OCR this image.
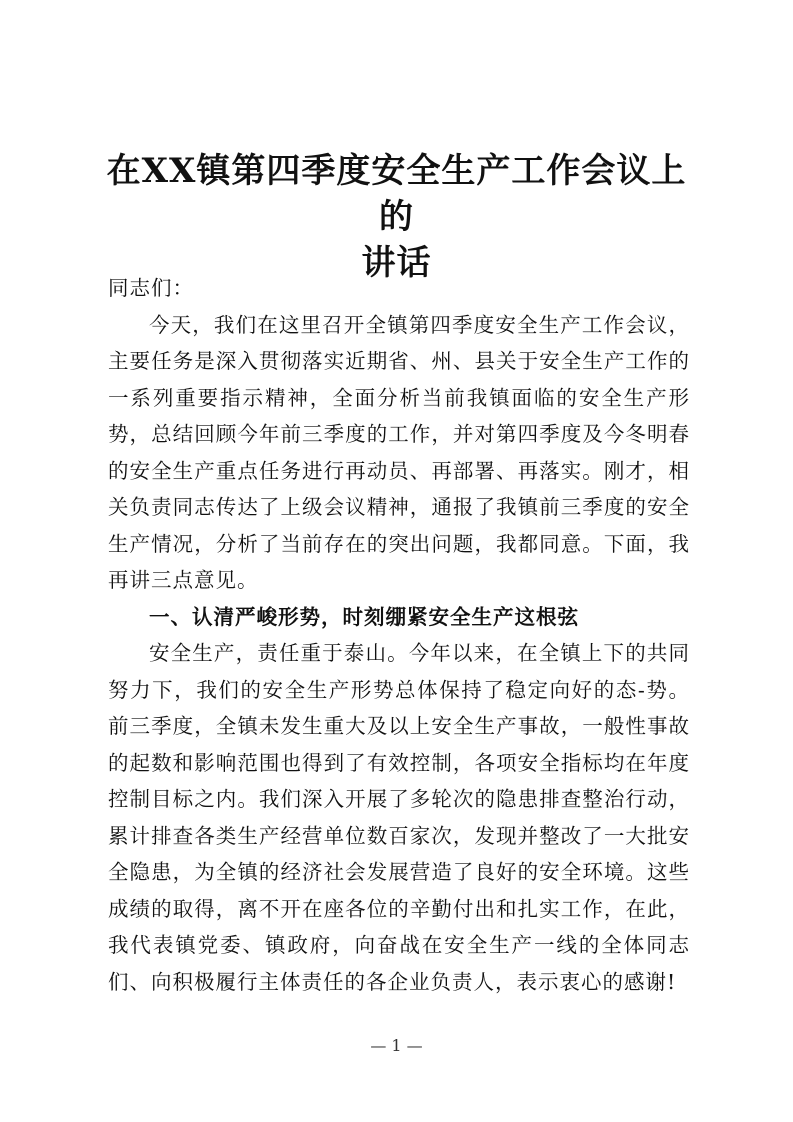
在XX镇第四季度安全生产工作会议上的
讲话

同志们：

今天，我们在这里召开全镇第四季度安全生产工作会议，主要任务是深入贯彻落实近期省、州、县关于安全生产工作的一系列重要指示精神，全面分析当前我镇面临的安全生产形势，总结回顾今年前三季度的工作，并对第四季度及今冬明春的安全生产重点任务进行再动员、再部署、再落实。刚才，相关负责同志传达了上级会议精神，通报了我镇前三季度的安全生产情况，分析了当前存在的突出问题，我都同意。下面，我再讲三点意见。

一、认清严峻形势，时刻绷紧安全生产这根弦

安全生产，责任重于泰山。今年以来，在全镇上下的共同努力下，我们的安全生产形势总体保持了稳定向好的态-势。前三季度，全镇未发生重大及以上安全生产事故，一般性事故的起数和影响范围也得到了有效控制，各项安全指标均在年度控制目标之内。我们深入开展了多轮次的隐患排查整治行动，累计排查各类生产经营单位数百家次，发现并整改了一大批安全隐患，为全镇的经济社会发展营造了良好的安全环境。这些成绩的取得，离不开在座各位的辛勤付出和扎实工作，在此，我代表镇党委、镇政府，向奋战在安全生产一线的全体同志们、向积极履行主体责任的各企业负责人，表示衷心的感谢!

— 1 —
